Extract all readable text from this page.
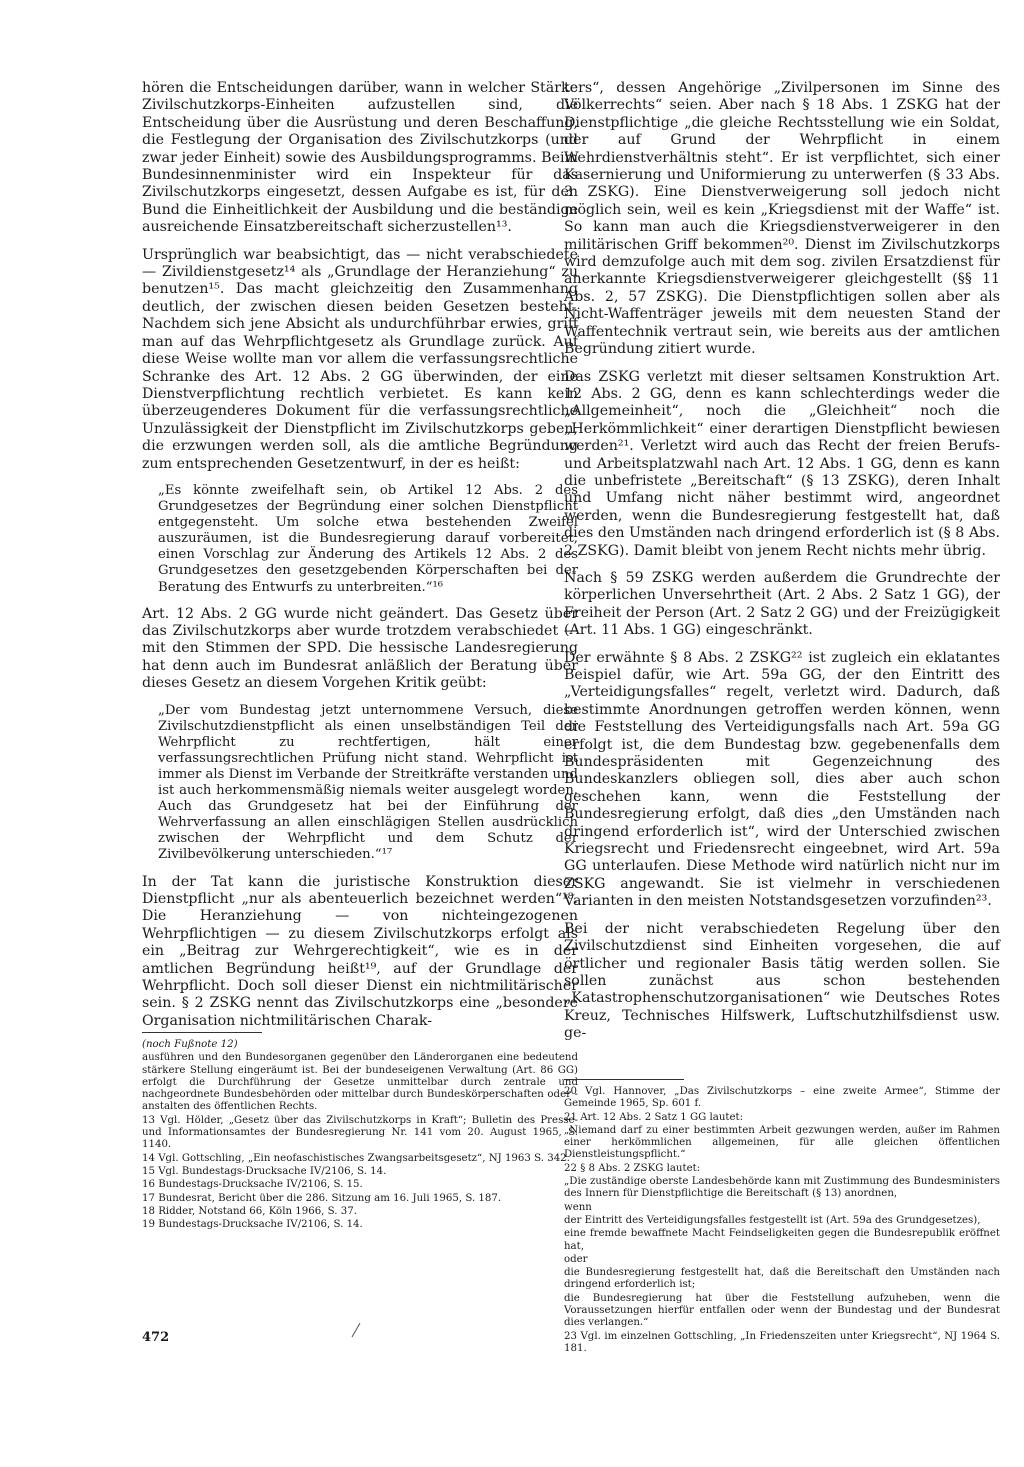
hören die Entscheidungen darüber, wann in welcher Stärke Zivilschutzkorps-Einheiten aufzustellen sind, die Entscheidung über die Ausrüstung und deren Beschaffung, die Festlegung der Organisation des Zivilschutzkorps (und zwar jeder Einheit) sowie des Ausbildungsprogramms. Beim Bundesinnenminister wird ein Inspekteur für das Zivilschutzkorps eingesetzt, dessen Aufgabe es ist, für den Bund die Einheitlichkeit der Ausbildung und die beständige ausreichende Einsatzbereitschaft sicherzustellen¹³.

Ursprünglich war beabsichtigt, das — nicht verabschiedete — Zivildienstgesetz¹⁴ als „Grundlage der Heranziehung“ zu benutzen¹⁵. Das macht gleichzeitig den Zusammenhang deutlich, der zwischen diesen beiden Gesetzen besteht. Nachdem sich jene Absicht als undurchführbar erwies, griff man auf das Wehrpflichtgesetz als Grundlage zurück. Auf diese Weise wollte man vor allem die verfassungsrechtliche Schranke des Art. 12 Abs. 2 GG überwinden, der eine Dienstverpflichtung rechtlich verbietet. Es kann kein überzeugenderes Dokument für die verfassungsrechtliche Unzulässigkeit der Dienstpflicht im Zivilschutzkorps geben, die erzwungen werden soll, als die amtliche Begründung zum entsprechenden Gesetzentwurf, in der es heißt:

„Es könnte zweifelhaft sein, ob Artikel 12 Abs. 2 des Grundgesetzes der Begründung einer solchen Dienstpflicht entgegensteht. Um solche etwa bestehenden Zweifel auszuräumen, ist die Bundesregierung darauf vorbereitet, einen Vorschlag zur Änderung des Artikels 12 Abs. 2 des Grundgesetzes den gesetzgebenden Körperschaften bei der Beratung des Entwurfs zu unterbreiten.“¹⁶

Art. 12 Abs. 2 GG wurde nicht geändert. Das Gesetz über das Zivilschutzkorps aber wurde trotzdem verabschiedet — mit den Stimmen der SPD. Die hessische Landesregierung hat denn auch im Bundesrat anläßlich der Beratung über dieses Gesetz an diesem Vorgehen Kritik geübt:

„Der vom Bundestag jetzt unternommene Versuch, diese Zivilschutzdienstpflicht als einen unselbständigen Teil der Wehrpflicht zu rechtfertigen, hält einer verfassungsrechtlichen Prüfung nicht stand. Wehrpflicht ist immer als Dienst im Verbande der Streitkräfte verstanden und ist auch herkommensmäßig niemals weiter ausgelegt worden. Auch das Grundgesetz hat bei der Einführung der Wehrverfassung an allen einschlägigen Stellen ausdrücklich zwischen der Wehrpflicht und dem Schutz der Zivilbevölkerung unterschieden.“¹⁷

In der Tat kann die juristische Konstruktion dieser Dienstpflicht „nur als abenteuerlich bezeichnet werden“¹⁸. Die Heranziehung — von nichteingezogenen Wehrpflichtigen — zu diesem Zivilschutzkorps erfolgt als ein „Beitrag zur Wehrgerechtigkeit“, wie es in der amtlichen Begründung heißt¹⁹, auf der Grundlage der Wehrpflicht. Doch soll dieser Dienst ein nichtmilitärischer sein. § 2 ZSKG nennt das Zivilschutzkorps eine „besondere Organisation nichtmilitärischen Charak-

ters“, dessen Angehörige „Zivilpersonen im Sinne des Völkerrechts“ seien. Aber nach § 18 Abs. 1 ZSKG hat der Dienstpflichtige „die gleiche Rechtsstellung wie ein Soldat, der auf Grund der Wehrpflicht in einem Wehrdienstverhältnis steht“. Er ist verpflichtet, sich einer Kasernierung und Uniformierung zu unterwerfen (§ 33 Abs. 3 ZSKG). Eine Dienstverweigerung soll jedoch nicht möglich sein, weil es kein „Kriegsdienst mit der Waffe“ ist. So kann man auch die Kriegsdienstverweigerer in den militärischen Griff bekommen²⁰. Dienst im Zivilschutzkorps wird demzufolge auch mit dem sog. zivilen Ersatzdienst für anerkannte Kriegsdienstverweigerer gleichgestellt (§§ 11 Abs. 2, 57 ZSKG). Die Dienstpflichtigen sollen aber als Nicht-Waffenträger jeweils mit dem neuesten Stand der Waffentechnik vertraut sein, wie bereits aus der amtlichen Begründung zitiert wurde.

Das ZSKG verletzt mit dieser seltsamen Konstruktion Art. 12 Abs. 2 GG, denn es kann schlechterdings weder die „Allgemeinheit“, noch die „Gleichheit“ noch die „Herkömmlichkeit“ einer derartigen Dienstpflicht bewiesen werden²¹. Verletzt wird auch das Recht der freien Berufs- und Arbeitsplatzwahl nach Art. 12 Abs. 1 GG, denn es kann die unbefristete „Bereitschaft“ (§ 13 ZSKG), deren Inhalt und Umfang nicht näher bestimmt wird, angeordnet werden, wenn die Bundesregierung festgestellt hat, daß dies den Umständen nach dringend erforderlich ist (§ 8 Abs. 2 ZSKG). Damit bleibt von jenem Recht nichts mehr übrig.

Nach § 59 ZSKG werden außerdem die Grundrechte der körperlichen Unversehrtheit (Art. 2 Abs. 2 Satz 1 GG), der Freiheit der Person (Art. 2 Satz 2 GG) und der Freizügigkeit (Art. 11 Abs. 1 GG) eingeschränkt.

Der erwähnte § 8 Abs. 2 ZSKG²² ist zugleich ein eklatantes Beispiel dafür, wie Art. 59a GG, der den Eintritt des „Verteidigungsfalles“ regelt, verletzt wird. Dadurch, daß bestimmte Anordnungen getroffen werden können, wenn die Feststellung des Verteidigungsfalls nach Art. 59a GG erfolgt ist, die dem Bundestag bzw. gegebenenfalls dem Bundespräsidenten mit Gegenzeichnung des Bundeskanzlers obliegen soll, dies aber auch schon geschehen kann, wenn die Feststellung der Bundesregierung erfolgt, daß dies „den Umständen nach dringend erforderlich ist“, wird der Unterschied zwischen Kriegsrecht und Friedensrecht eingeebnet, wird Art. 59a GG unterlaufen. Diese Methode wird natürlich nicht nur im ZSKG angewandt. Sie ist vielmehr in verschiedenen Varianten in den meisten Notstandsgesetzen vorzufinden²³.

Bei der nicht verabschiedeten Regelung über den Zivilschutzdienst sind Einheiten vorgesehen, die auf örtlicher und regionaler Basis tätig werden sollen. Sie sollen zunächst aus schon bestehenden „Katastrophenschutzorganisationen“ wie Deutsches Rotes Kreuz, Technisches Hilfswerk, Luftschutzhilfsdienst usw. ge-

(noch Fußnote 12)
ausführen und den Bundesorganen gegenüber den Länderorganen eine bedeutend stärkere Stellung eingeräumt ist. Bei der bundeseigenen Verwaltung (Art. 86 GG) erfolgt die Durchführung der Gesetze unmittelbar durch zentrale und nachgeordnete Bundesbehörden oder mittelbar durch Bundeskörperschaften oder -anstalten des öffentlichen Rechts.
13 Vgl. Hölder, „Gesetz über das Zivilschutzkorps in Kraft“; Bulletin des Presse- und Informationsamtes der Bundesregierung Nr. 141 vom 20. August 1965, S. 1140.
14 Vgl. Gottschling, „Ein neofaschistisches Zwangsarbeitsgesetz“, NJ 1963 S. 342.
15 Vgl. Bundestags-Drucksache IV/2106, S. 14.
16 Bundestags-Drucksache IV/2106, S. 15.
17 Bundesrat, Bericht über die 286. Sitzung am 16. Juli 1965, S. 187.
18 Ridder, Notstand 66, Köln 1966, S. 37.
19 Bundestags-Drucksache IV/2106, S. 14.
20 Vgl. Hannover, „Das Zivilschutzkorps – eine zweite Armee“, Stimme der Gemeinde 1965, Sp. 601 f.
21 Art. 12 Abs. 2 Satz 1 GG lautet:
„Niemand darf zu einer bestimmten Arbeit gezwungen werden, außer im Rahmen einer herkömmlichen allgemeinen, für alle gleichen öffentlichen Dienstleistungspflicht.“
22 § 8 Abs. 2 ZSKG lautet:
„Die zuständige oberste Landesbehörde kann mit Zustimmung des Bundesministers des Innern für Dienstpflichtige die Bereitschaft (§ 13) anordnen,
wenn
der Eintritt des Verteidigungsfalles festgestellt ist (Art. 59a des Grundgesetzes),
eine fremde bewaffnete Macht Feindseligkeiten gegen die Bundesrepublik eröffnet hat,
oder
die Bundesregierung festgestellt hat, daß die Bereitschaft den Umständen nach dringend erforderlich ist;
die Bundesregierung hat über die Feststellung aufzuheben, wenn die Voraussetzungen hierfür entfallen oder wenn der Bundestag und der Bundesrat dies verlangen.“
23 Vgl. im einzelnen Gottschling, „In Friedenszeiten unter Kriegsrecht“, NJ 1964 S. 181.
472
